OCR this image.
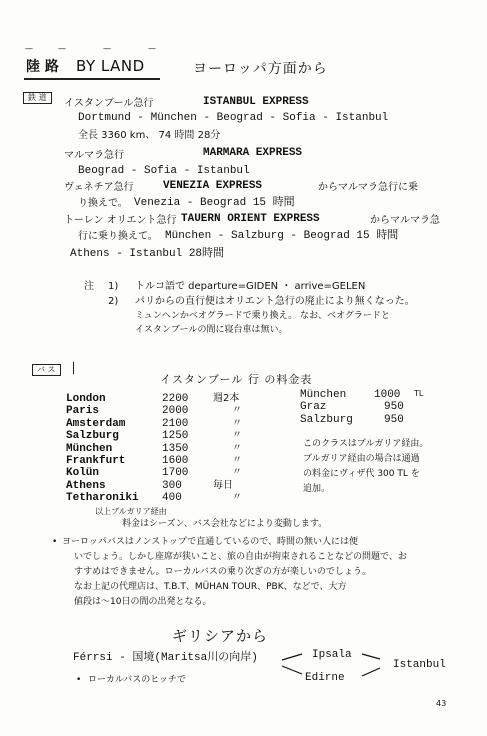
—	—	—	—
陸 路 BY LAND	ヨーロッパ方面から
鉄 道
イスタンブール急行	ISTANBUL EXPRESS
Dortmund - München - Beograd - Sofia - Istanbul
全長 3360 km、 74 時間 28分
マルマラ急行	MARMARA EXPRESS
Beograd - Sofia - Istanbul
ヴェネチア急行	VENEZIA EXPRESS	からマルマラ急行に乗
り換えで。 Venezia - Beograd 15 時間
トーレン オリエント急行 TAUERN ORIENT EXPRESS	からマルマラ急
行に乗り換えて。 München - Salzburg - Beograd 15 時間
Athens - Istanbul 28時間
注 1) トルコ語で departure=GIDEN ・ arrive=GELEN
2) パリからの直行便はオリエント急行の廃止により無くなった。
ミュンヘンかベオグラードで乗り換え。 なお、ベオグラードと
イスタンブールの間に寝台車は無い。
バ ス
イスタンブール 行 の料金表
London	2200 週2本
Paris	2000	〃
Amsterdam	2100	〃
Salzburg	1250	〃
München	1350	〃
Frankfurt	1600	〃
Kolün	1700	〃
Athens	300	毎日
Tetharoniki 400	〃
München	1000 TL
Graz	950
Salzburg	950
このクラスはブルガリア経由。
ブルガリア経由の場合は通過
の料金にヴィザ代 300 TL を
追加。
以上ブルガリア経由
料金はシーズン、バス会社などにより変動します。
• ヨーロッパバスはノンストップで直通しているので、時間の無い人には便
いでしょう。しかし座席が狭いこと、旅の自由が拘束されることなどの問題で、お
すすめはできません。ローカルバスの乗り次ぎの方が楽しいのでしょう。
なお上記の代理店は、T.B.T、MÜHAN TOUR、PBK、などで、大方
値段は～10日の間の出発となる。
ギリシアから
Férrsi - 国境(Maritsa川の向岸)	Ipsala
Edirne
Istanbul
• ローカルバスのヒッチで
43
